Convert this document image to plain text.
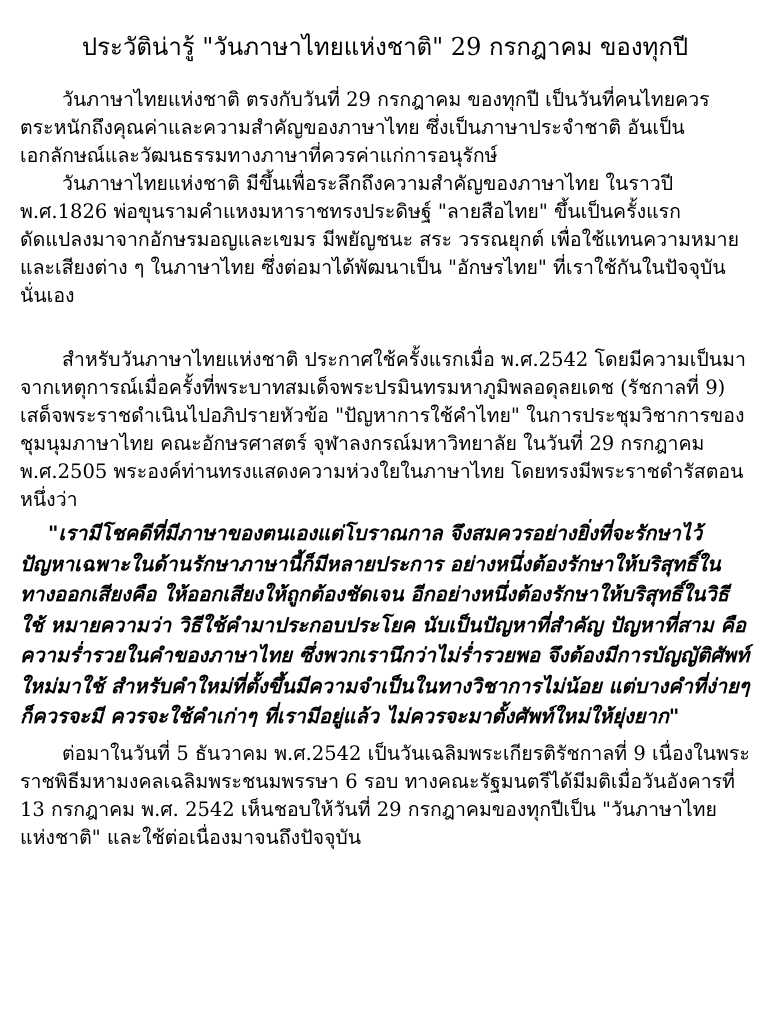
ประวัติน่ารู้ "วันภาษาไทยแห่งชาติ" 29 กรกฎาคม ของทุกปี

วันภาษาไทยแห่งชาติ ตรงกับวันที่ 29 กรกฎาคม ของทุกปี เป็นวันที่คนไทยควรตระหนักถึงคุณค่าและความสำคัญของภาษาไทย ซึ่งเป็นภาษาประจำชาติ อันเป็นเอกลักษณ์และวัฒนธรรมทางภาษาที่ควรค่าแก่การอนุรักษ์

วันภาษาไทยแห่งชาติ มีขึ้นเพื่อระลึกถึงความสำคัญของภาษาไทย ในราวปี พ.ศ.1826 พ่อขุนรามคำแหงมหาราชทรงประดิษฐ์ "ลายสือไทย" ขึ้นเป็นครั้งแรก ดัดแปลงมาจากอักษรมอญและเขมร มีพยัญชนะ สระ วรรณยุกต์ เพื่อใช้แทนความหมายและเสียงต่าง ๆ ในภาษาไทย ซึ่งต่อมาได้พัฒนาเป็น "อักษรไทย" ที่เราใช้กันในปัจจุบันนั่นเอง

สำหรับวันภาษาไทยแห่งชาติ ประกาศใช้ครั้งแรกเมื่อ พ.ศ.2542 โดยมีความเป็นมาจากเหตุการณ์เมื่อครั้งที่พระบาทสมเด็จพระปรมินทรมหาภูมิพลอดุลยเดช (รัชกาลที่ 9) เสด็จพระราชดำเนินไปอภิปรายหัวข้อ "ปัญหาการใช้คำไทย" ในการประชุมวิชาการของชุมนุมภาษาไทย คณะอักษรศาสตร์ จุฬาลงกรณ์มหาวิทยาลัย ในวันที่ 29 กรกฎาคม พ.ศ.2505 พระองค์ท่านทรงแสดงความห่วงใยในภาษาไทย โดยทรงมีพระราชดำรัสตอนหนึ่งว่า

"เรามีโชคดีที่มีภาษาของตนเองแต่โบราณกาล จึงสมควรอย่างยิ่งที่จะรักษาไว้ ปัญหาเฉพาะในด้านรักษาภาษานี้ก็มีหลายประการ อย่างหนึ่งต้องรักษาให้บริสุทธิ์ในทางออกเสียงคือ ให้ออกเสียงให้ถูกต้องชัดเจน อีกอย่างหนึ่งต้องรักษาให้บริสุทธิ์ในวิธีใช้ หมายความว่า วิธีใช้คำมาประกอบประโยค นับเป็นปัญหาที่สำคัญ ปัญหาที่สาม คือ ความร่ำรวยในคำของภาษาไทย ซึ่งพวกเรานึกว่าไม่ร่ำรวยพอ จึงต้องมีการบัญญัติศัพท์ใหม่มาใช้ สำหรับคำใหม่ที่ตั้งขึ้นมีความจำเป็นในทางวิชาการไม่น้อย แต่บางคำที่ง่ายๆ ก็ควรจะมี ควรจะใช้คำเก่าๆ ที่เรามีอยู่แล้ว ไม่ควรจะมาตั้งศัพท์ใหม่ให้ยุ่งยาก"

ต่อมาในวันที่ 5 ธันวาคม พ.ศ.2542 เป็นวันเฉลิมพระเกียรติรัชกาลที่ 9 เนื่องในพระราชพิธีมหามงคลเฉลิมพระชนมพรรษา 6 รอบ ทางคณะรัฐมนตรีได้มีมติเมื่อวันอังคารที่ 13 กรกฎาคม พ.ศ. 2542 เห็นชอบให้วันที่ 29 กรกฎาคมของทุกปีเป็น "วันภาษาไทยแห่งชาติ" และใช้ต่อเนื่องมาจนถึงปัจจุบัน
